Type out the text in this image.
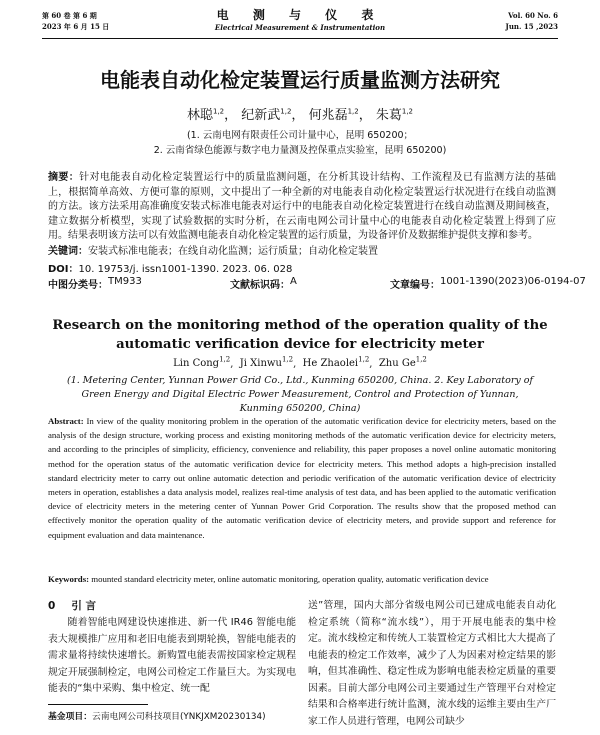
第 60 卷 第 6 期
2023 年 6 月 15 日
电 测 与 仪 表
Electrical Measurement & Instrumentation
Vol. 60 No. 6
Jun. 15 ,2023
电能表自动化检定装置运行质量监测方法研究
林聪$^{1,2}$， 纪新武$^{1,2}$， 何兆磊$^{1,2}$， 朱葛$^{1,2}$
(1. 云南电网有限责任公司计量中心，昆明 650200；
2. 云南省绿色能源与数字电力量测及控保重点实验室，昆明 650200)
摘要：针对电能表自动化检定装置运行中的质量监测问题，在分析其设计结构、工作流程及已有监测方法的基础上，根据简单高效、方便可靠的原则，文中提出了一种全新的对电能表自动化检定装置运行状况进行在线自动监测的方法。该方法采用高准确度安装式标准电能表对运行中的电能表自动化检定装置进行在线自动监测及期间核查，建立数据分析模型，实现了试验数据的实时分析，在云南电网公司计量中心的电能表自动化检定装置上得到了应用。结果表明该方法可以有效监测电能表自动化检定装置的运行质量，为设备评价及数据维护提供支撑和参考。
关键词：安装式标准电能表；在线自动化监测；运行质量；自动化检定装置
DOI：10. 19753/j. issn1001-1390. 2023. 06. 028
中图分类号： TM933	文献标识码： A	文章编号： 1001-1390(2023)06-0194-07
Research on the monitoring method of the operation quality of the automatic verification device for electricity meter
Lin Cong$^{1,2}$,  Ji Xinwu$^{1,2}$,  He Zhaolei$^{1,2}$,  Zhu Ge$^{1,2}$
(1. Metering Center, Yunnan Power Grid Co., Ltd., Kunming 650200, China. 2. Key Laboratory of Green Energy and Digital Electric Power Measurement, Control and Protection of Yunnan, Kunming 650200, China)
Abstract: In view of the quality monitoring problem in the operation of the automatic verification device for electricity meters, based on the analysis of the design structure, working process and existing monitoring methods of the automatic verification device for electricity meters, and according to the principles of simplicity, efficiency, convenience and reliability, this paper proposes a novel online automatic monitoring method for the operation status of the automatic verification device for electricity meters. This method adopts a high-precision installed standard electricity meter to carry out online automatic detection and periodic verification of the automatic verification device of electricity meters in operation, establishes a data analysis model, realizes real-time analysis of test data, and has been applied to the automatic verification device of electricity meters in the metering center of Yunnan Power Grid Corporation. The results show that the proposed method can effectively monitor the operation quality of the automatic verification device of electricity meters, and provide support and reference for equipment evaluation and data maintenance.
Keywords: mounted standard electricity meter, online automatic monitoring, operation quality, automatic verification device
0 引 言
随着智能电网建设快速推进、新一代 IR46 智能电能表大规模推广应用和老旧电能表到期轮换，智能电能表的需求量将持续快速增长。新购置电能表需按国家检定规程规定开展强制检定，电网公司检定工作量巨大。为实现电能表的“集中采购、集中检定、统一配
送”管理，国内大部分省级电网公司已建成电能表自动化检定系统（简称“流水线”），用于开展电能表的集中检定。流水线检定和传统人工装置检定方式相比大大提高了电能表的检定工作效率，减少了人为因素对检定结果的影响，但其准确性、稳定性成为影响电能表检定质量的重要因素。目前大部分电网公司主要通过生产管理平台对检定结果和合格率进行统计监测，流水线的运维主要由生产厂家工作人员进行管理，电网公司缺少
基金项目：云南电网公司科技项目(YNKJXM20230134)
